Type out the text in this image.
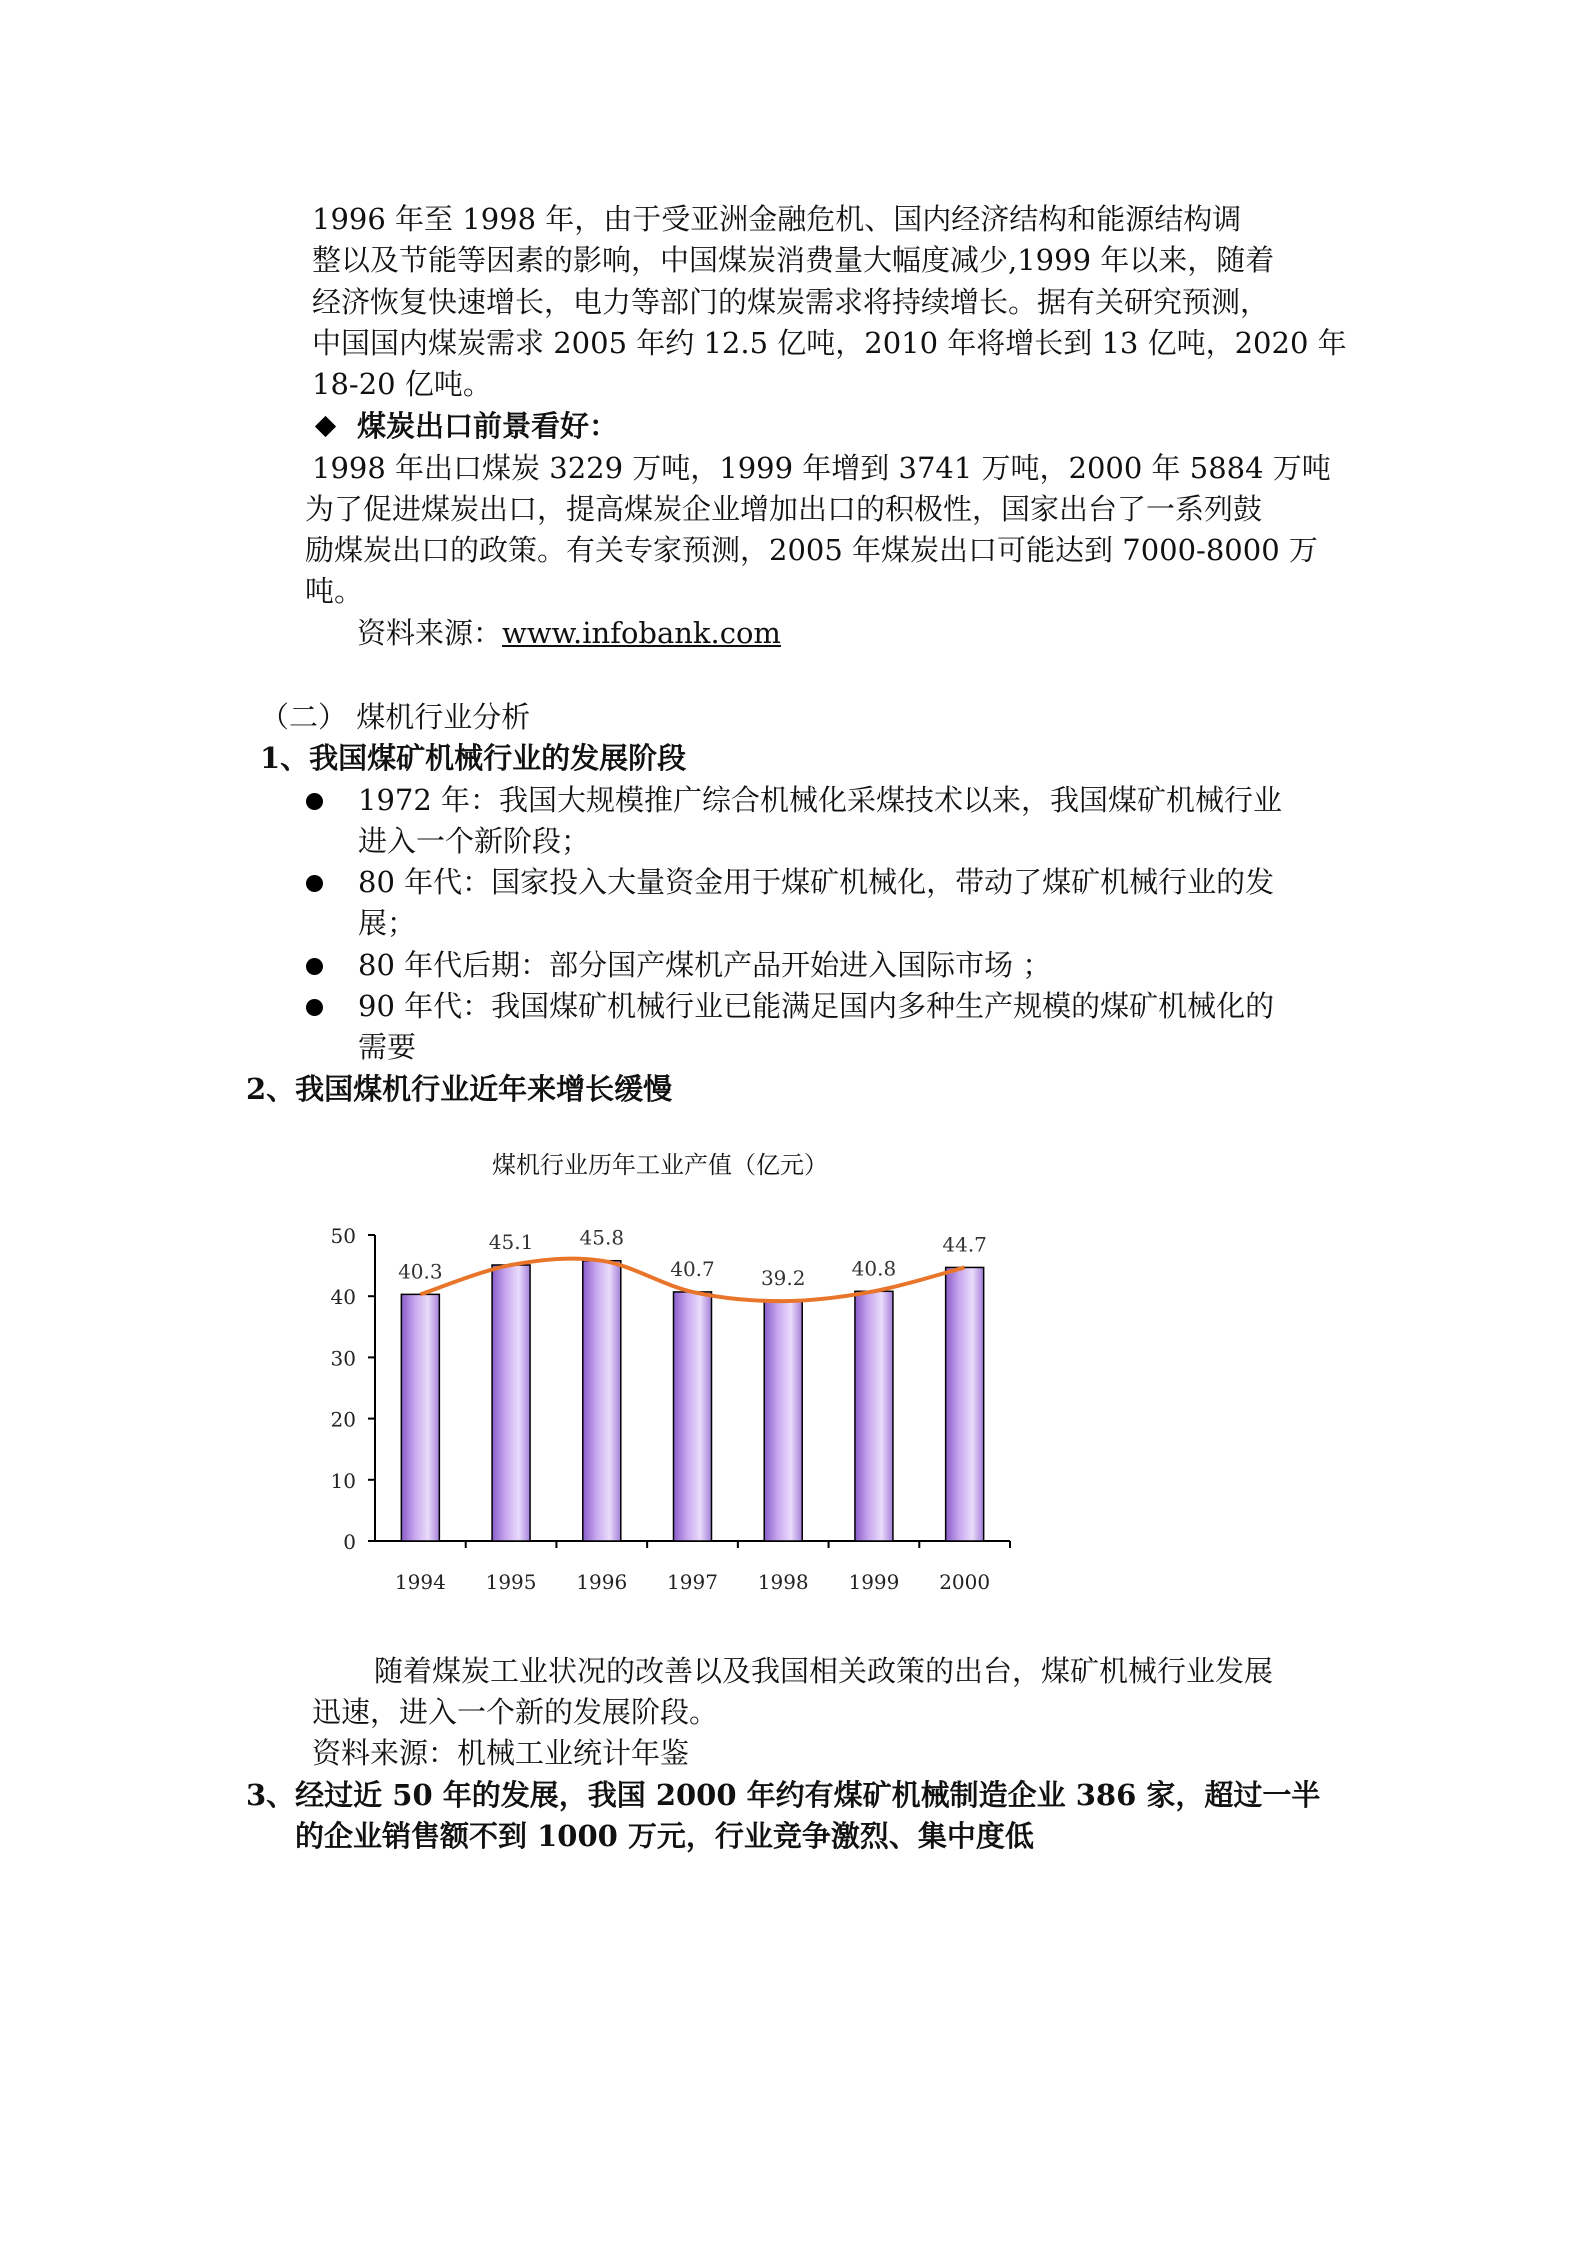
1996 年至 1998 年，由于受亚洲金融危机、国内经济结构和能源结构调
整以及节能等因素的影响，中国煤炭消费量大幅度减少,1999 年以来，随着
经济恢复快速增长，电力等部门的煤炭需求将持续增长。据有关研究预测，
中国国内煤炭需求 2005 年约 12.5 亿吨，2010 年将增长到 13 亿吨，2020 年
18-20 亿吨。
煤炭出口前景看好：
1998 年出口煤炭 3229 万吨，1999 年增到 3741 万吨，2000 年 5884 万吨
为了促进煤炭出口，提高煤炭企业增加出口的积极性，国家出台了一系列鼓
励煤炭出口的政策。有关专家预测，2005 年煤炭出口可能达到 7000-8000 万
吨。
资料来源：www.infobank.com
（二） 煤机行业分析
1、我国煤矿机械行业的发展阶段
1972 年：我国大规模推广综合机械化采煤技术以来，我国煤矿机械行业
进入一个新阶段；
80 年代：国家投入大量资金用于煤矿机械化，带动了煤矿机械行业的发
展；
80 年代后期：部分国产煤机产品开始进入国际市场 ；
90 年代：我国煤矿机械行业已能满足国内多种生产规模的煤矿机械化的
需要
2、我国煤机行业近年来增长缓慢
煤机行业历年工业产值（亿元）
0
10
20
30
40
50
1994
40.3
1995
45.1
1996
45.8
1997
40.7
1998
39.2
1999
40.8
2000
44.7
随着煤炭工业状况的改善以及我国相关政策的出台，煤矿机械行业发展
迅速，进入一个新的发展阶段。
资料来源：机械工业统计年鉴
3、经过近 50 年的发展，我国 2000 年约有煤矿机械制造企业 386 家，超过一半
的企业销售额不到 1000 万元，行业竞争激烈、集中度低
